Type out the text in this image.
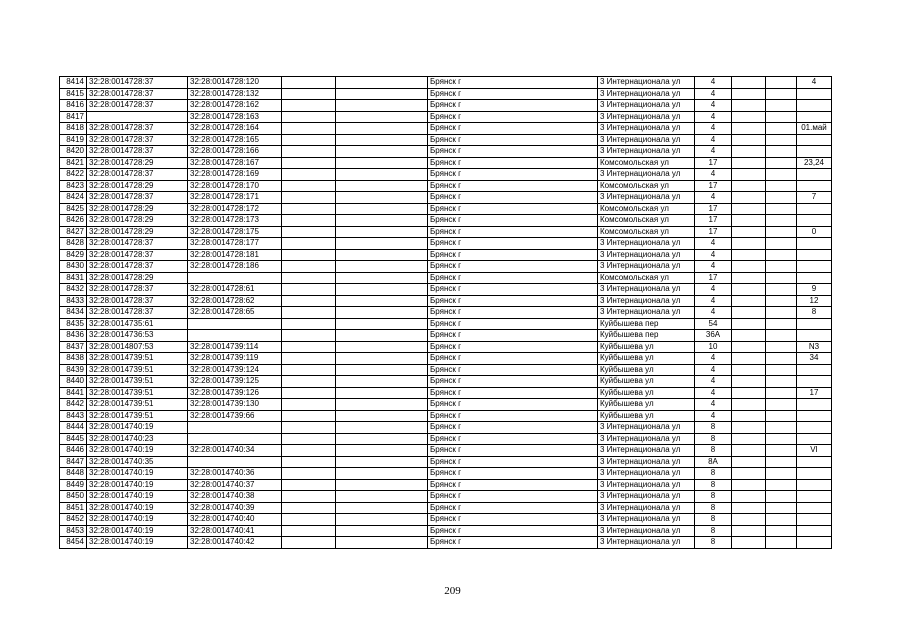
8414	32:28:0014728:37	32:28:0014728:120			Брянск г	3 Интернационала ул	4			4
8415	32:28:0014728:37	32:28:0014728:132			Брянск г	3 Интернационала ул	4			
8416	32:28:0014728:37	32:28:0014728:162			Брянск г	3 Интернационала ул	4			
8417		32:28:0014728:163			Брянск г	3 Интернационала ул	4			
8418	32:28:0014728:37	32:28:0014728:164			Брянск г	3 Интернационала ул	4			01.май
8419	32:28:0014728:37	32:28:0014728:165			Брянск г	3 Интернационала ул	4			
8420	32:28:0014728:37	32:28:0014728:166			Брянск г	3 Интернационала ул	4			
8421	32:28:0014728:29	32:28:0014728:167			Брянск г	Комсомольская ул	17			23,24
8422	32:28:0014728:37	32:28:0014728:169			Брянск г	3 Интернационала ул	4			
8423	32:28:0014728:29	32:28:0014728:170			Брянск г	Комсомольская ул	17			
8424	32:28:0014728:37	32:28:0014728:171			Брянск г	3 Интернационала ул	4			7
8425	32:28:0014728:29	32:28:0014728:172			Брянск г	Комсомольская ул	17			
8426	32:28:0014728:29	32:28:0014728:173			Брянск г	Комсомольская ул	17			
8427	32:28:0014728:29	32:28:0014728:175			Брянск г	Комсомольская ул	17			0
8428	32:28:0014728:37	32:28:0014728:177			Брянск г	3 Интернационала ул	4			
8429	32:28:0014728:37	32:28:0014728:181			Брянск г	3 Интернационала ул	4			
8430	32:28:0014728:37	32:28:0014728:186			Брянск г	3 Интернационала ул	4			
8431	32:28:0014728:29				Брянск г	Комсомольская ул	17			
8432	32:28:0014728:37	32:28:0014728:61			Брянск г	3 Интернационала ул	4			9
8433	32:28:0014728:37	32:28:0014728:62			Брянск г	3 Интернационала ул	4			12
8434	32:28:0014728:37	32:28:0014728:65			Брянск г	3 Интернационала ул	4			8
8435	32:28:0014735:61				Брянск г	Куйбышева пер	54			
8436	32:28:0014736:53				Брянск г	Куйбышева пер	36А			
8437	32:28:0014807:53	32:28:0014739:114			Брянск г	Куйбышева ул	10			N3
8438	32:28:0014739:51	32:28:0014739:119			Брянск г	Куйбышева ул	4			34
8439	32:28:0014739:51	32:28:0014739:124			Брянск г	Куйбышева ул	4			
8440	32:28:0014739:51	32:28:0014739:125			Брянск г	Куйбышева ул	4			
8441	32:28:0014739:51	32:28:0014739:126			Брянск г	Куйбышева ул	4			17
8442	32:28:0014739:51	32:28:0014739:130			Брянск г	Куйбышева ул	4			
8443	32:28:0014739:51	32:28:0014739:66			Брянск г	Куйбышева ул	4			
8444	32:28:0014740:19				Брянск г	3 Интернационала ул	8			
8445	32:28:0014740:23				Брянск г	3 Интернационала ул	8			
8446	32:28:0014740:19	32:28:0014740:34			Брянск г	3 Интернационала ул	8			VI
8447	32:28:0014740:35				Брянск г	3 Интернационала ул	8А			
8448	32:28:0014740:19	32:28:0014740:36			Брянск г	3 Интернационала ул	8			
8449	32:28:0014740:19	32:28:0014740:37			Брянск г	3 Интернационала ул	8			
8450	32:28:0014740:19	32:28:0014740:38			Брянск г	3 Интернационала ул	8			
8451	32:28:0014740:19	32:28:0014740:39			Брянск г	3 Интернационала ул	8			
8452	32:28:0014740:19	32:28:0014740:40			Брянск г	3 Интернационала ул	8			
8453	32:28:0014740:19	32:28:0014740:41			Брянск г	3 Интернационала ул	8			
8454	32:28:0014740:19	32:28:0014740:42			Брянск г	3 Интернационала ул	8			
209
